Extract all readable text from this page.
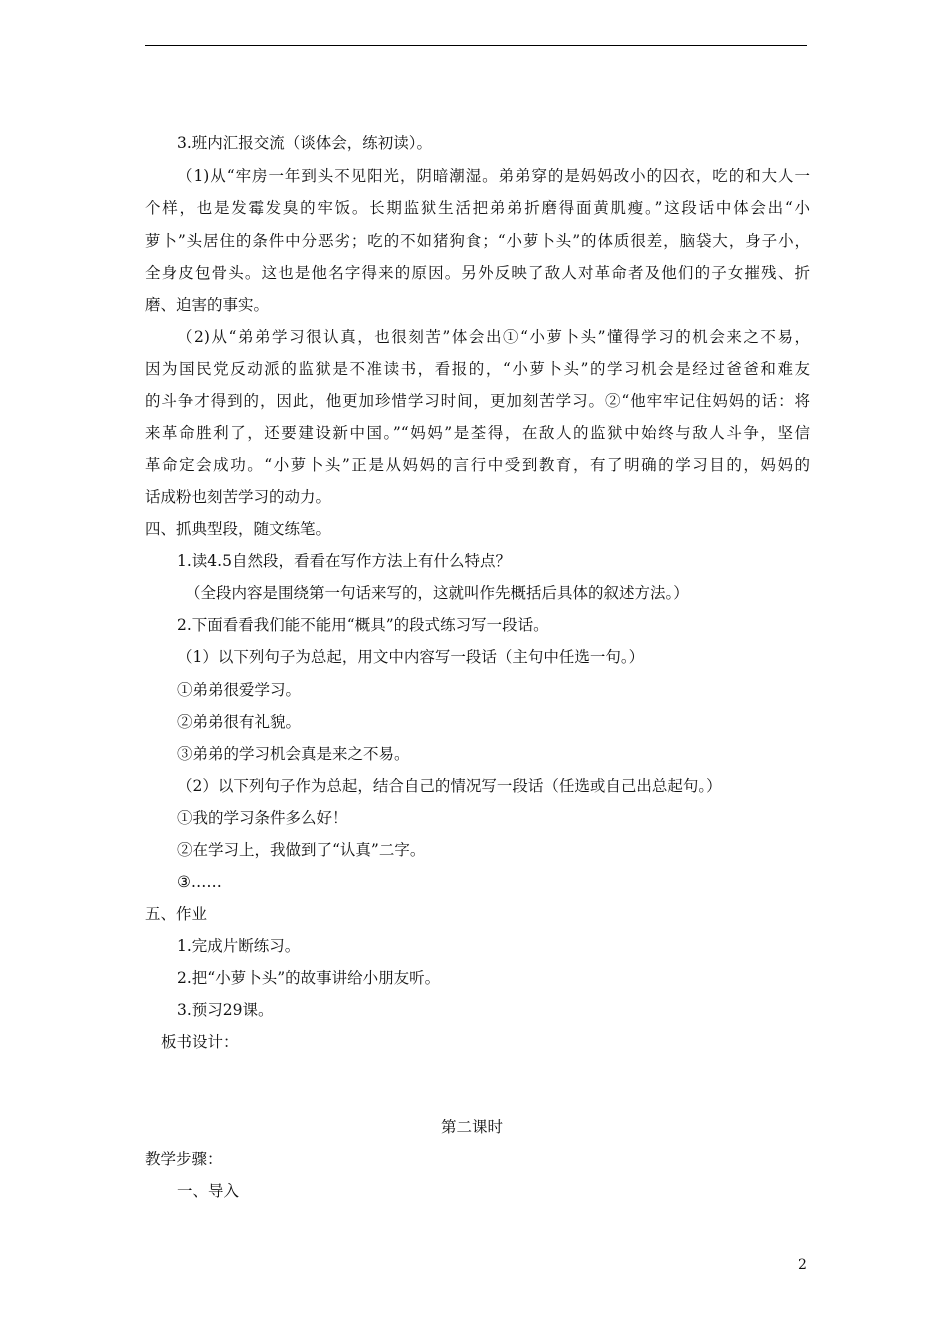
3.班内汇报交流（谈体会，练初读）。
（1)从“牢房一年到头不见阳光，阴暗潮湿。弟弟穿的是妈妈改小的囚衣，吃的和大人一
个样，也是发霉发臭的牢饭。长期监狱生活把弟弟折磨得面黄肌瘦。”这段话中体会出“小
萝卜”头居住的条件中分恶劣；吃的不如猪狗食；“小萝卜头”的体质很差，脑袋大，身子小，
全身皮包骨头。这也是他名字得来的原因。另外反映了敌人对革命者及他们的子女摧残、折
磨、迫害的事实。
（2)从“弟弟学习很认真，也很刻苦”体会出①“小萝卜头”懂得学习的机会来之不易，
因为国民党反动派的监狱是不准读书，看报的，“小萝卜头”的学习机会是经过爸爸和难友
的斗争才得到的，因此，他更加珍惜学习时间，更加刻苦学习。②“他牢牢记住妈妈的话：将
来革命胜利了，还要建设新中国。”“妈妈”是荃得，在敌人的监狱中始终与敌人斗争，坚信
革命定会成功。“小萝卜头”正是从妈妈的言行中受到教育，有了明确的学习目的，妈妈的
话成粉也刻苦学习的动力。
四、抓典型段，随文练笔。
1.读4.5自然段，看看在写作方法上有什么特点？
（全段内容是围绕第一句话来写的，这就叫作先概括后具体的叙述方法。）
2.下面看看我们能不能用“概具”的段式练习写一段话。
（1）以下列句子为总起，用文中内容写一段话（主句中任选一句。）
①弟弟很爱学习。
②弟弟很有礼貌。
③弟弟的学习机会真是来之不易。
（2）以下列句子作为总起，结合自己的情况写一段话（任选或自己出总起句。）
①我的学习条件多么好！
②在学习上，我做到了“认真”二字。
③……
五、作业
1.完成片断练习。
2.把“小萝卜头”的故事讲给小朋友听。
3.预习29课。
板书设计：
第二课时
教学步骤：
一、导入
2
